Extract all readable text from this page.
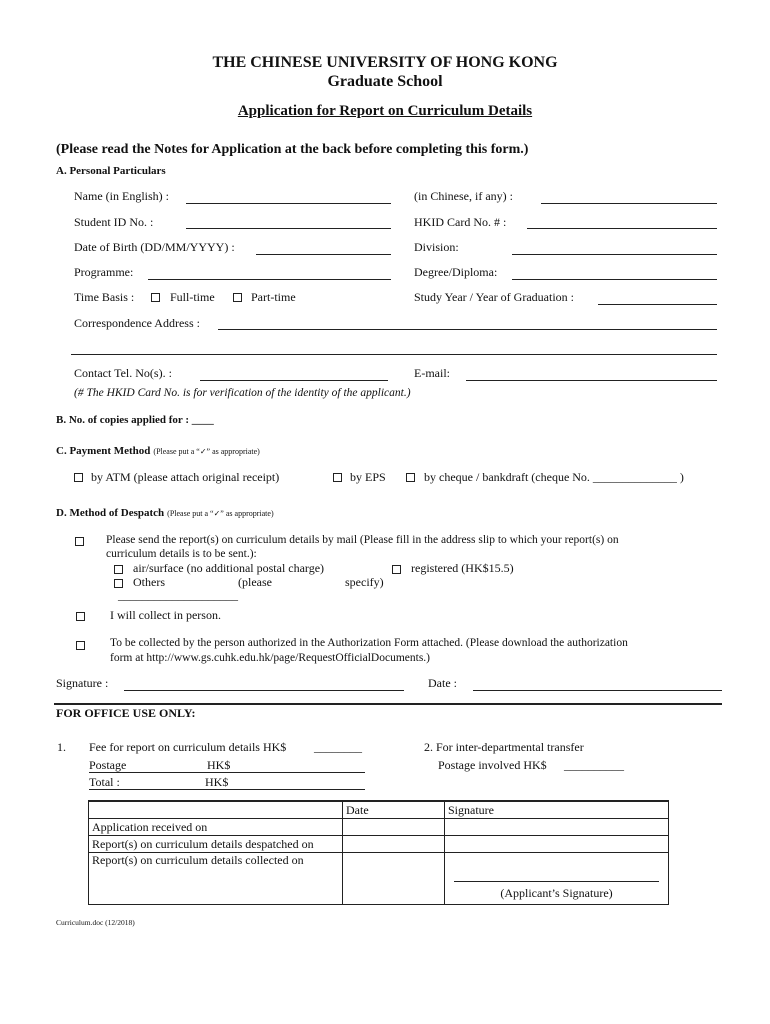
THE CHINESE UNIVERSITY OF HONG KONG
Graduate School
Application for Report on Curriculum Details
(Please read the Notes for Application at the back before completing this form.)
A. Personal Particulars
Name (in English) :	(in Chinese, if any) :
Student ID No. :	HKID Card No. # :
Date of Birth (DD/MM/YYYY) :	Division:
Programme:	Degree/Diploma:
Time Basis :	Full-time	Part-time	Study Year / Year of Graduation :
Correspondence Address :
Contact Tel. No(s). :	E-mail:
(# The HKID Card No. is for verification of the identity of the applicant.)
B. No. of copies applied for : ____
C. Payment Method (Please put a “✓” as appropriate)
by ATM (please attach original receipt)	by EPS	by cheque / bankdraft (cheque No. ______________ )
D. Method of Despatch (Please put a “✓” as appropriate)
Please send the report(s) on curriculum details by mail (Please fill in the address slip to which your report(s) on
curriculum details is to be sent.):
air/surface (no additional postal charge)	registered (HK$15.5)
Others	(please	specify)
____________________
I will collect in person.
To be collected by the person authorized in the Authorization Form attached. (Please download the authorization
form at http://www.gs.cuhk.edu.hk/page/RequestOfficialDocuments.)
Signature :	Date :
FOR OFFICE USE ONLY:
1. Fee for report on curriculum details HK$ ________
Postage	HK$
Total :	HK$
2. For inter-departmental transfer
Postage involved HK$ __________
	Date	Signature
Application received on		
Report(s) on curriculum details despatched on		
Report(s) on curriculum details collected on		(Applicant’s Signature)
Curriculum.doc (12/2018)
